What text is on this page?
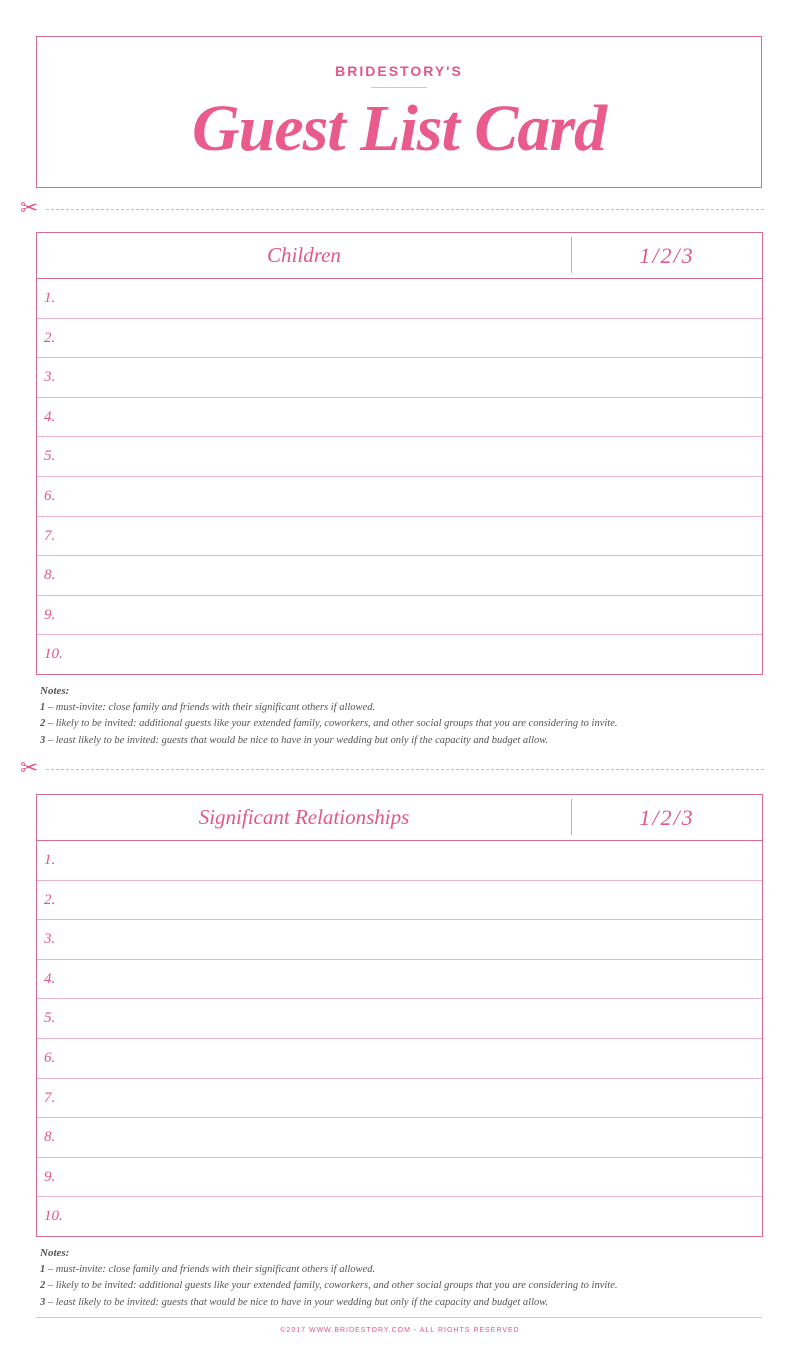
BRIDESTORY'S
Guest List Card
✂
Children	1/2/3
1.
2.
3.
4.
5.
6.
7.
8.
9.
10.
Notes:
1 – must-invite: close family and friends with their significant others if allowed.
2 – likely to be invited: additional guests like your extended family, coworkers, and other social groups that you are considering to invite.
3 – least likely to be invited: guests that would be nice to have in your wedding but only if the capacity and budget allow.
✂
Significant Relationships	1/2/3
1.
2.
3.
4.
5.
6.
7.
8.
9.
10.
Notes:
1 – must-invite: close family and friends with their significant others if allowed.
2 – likely to be invited: additional guests like your extended family, coworkers, and other social groups that you are considering to invite.
3 – least likely to be invited: guests that would be nice to have in your wedding but only if the capacity and budget allow.
©2017 WWW.BRIDESTORY.COM - ALL RIGHTS RESERVED
